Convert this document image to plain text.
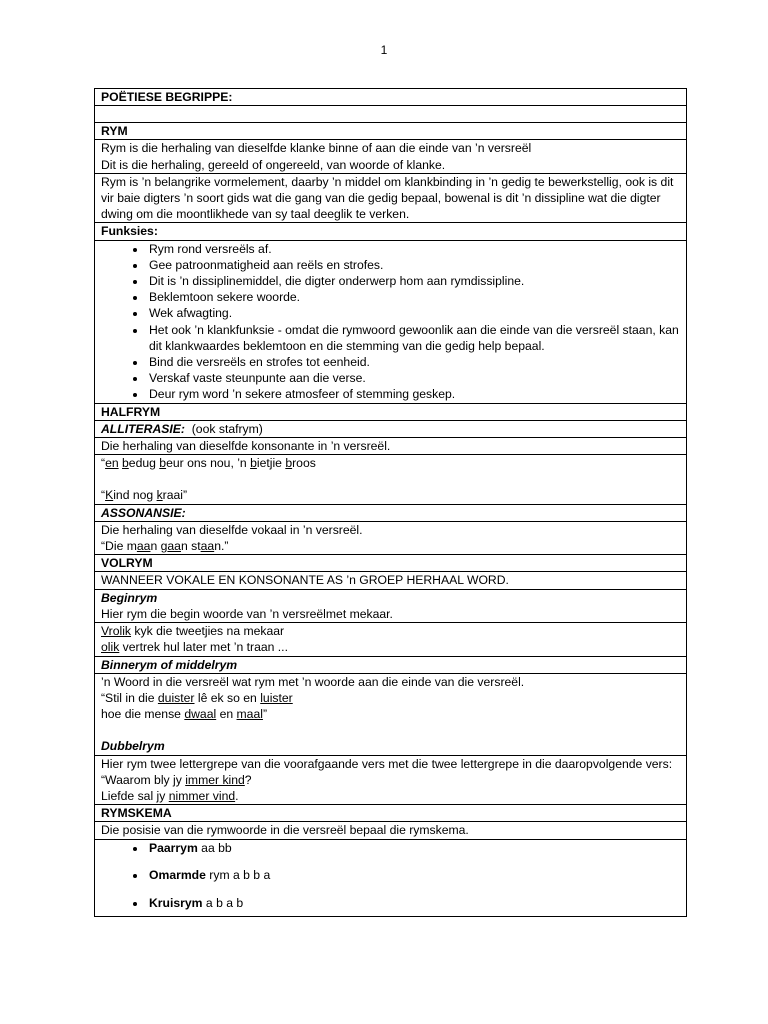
1
POËTIESE BEGRIPPE:

RYM

Rym is die herhaling van dieselfde klanke binne of aan die einde van ’n versreël
Dit is die herhaling, gereeld of ongereeld, van woorde of klanke.

Rym is ’n belangrike vormelement, daarby ’n middel om klankbinding in ’n gedig te bewerkstellig, ook is dit vir baie digters ’n soort gids wat die gang van die gedig bepaal, bowenal is dit ’n dissipline wat die digter dwing om die moontlikhede van sy taal deeglik te verken.
Funksies:

• Rym rond versreëls af.
• Gee patroonmatigheid aan reëls en strofes.
• Dit is ’n dissiplinemiddel, die digter onderwerp hom aan rymdissipline.
• Beklemtoon sekere woorde.
• Wek afwagting.
• Het ook ’n klankfunksie - omdat die rymwoord gewoonlik aan die einde van die versreël staan, kan dit klankwaardes beklemtoon en die stemming van die gedig help bepaal.
• Bind die versreëls en strofes tot eenheid.
• Verskaf vaste steunpunte aan die verse.
• Deur rym word ’n sekere atmosfeer of stemming geskep.

HALFRYM
ALLITERASIE: (ook stafrym)
Die herhaling van dieselfde konsonante in ’n versreël.

“en bedug beur ons nou, ’n bietjie broos
“Kind nog kraai”

ASSONANSIE:

Die herhaling van dieselfde vokaal in ’n versreël.
“Die maan gaan staan.”

VOLRYM
WANNEER VOKALE EN KONSONANTE AS ’n GROEP HERHAAL WORD.

Beginrym
Hier rym die begin woorde van ’n versreëlmet mekaar.

Vrolik kyk die tweetjies na mekaar
olik vertrek hul later met ’n traan ...

Binnerym of middelrym

’n Woord in die versreël wat rym met ’n woorde aan die einde van die versreël.
“Stil in die duister lê ek so en luister
hoe die mense dwaal en maal”
Dubbelrym

Hier rym twee lettergrepe van die voorafgaande vers met die twee lettergrepe in die daaropvolgende vers:
“Waarom bly jy immer kind?
Liefde sal jy nimmer vind.

RYMSKEMA
Die posisie van die rymwoorde in die versreël bepaal die rymskema.

• Paarrym aa bb
• Omarmde rym a b b a
• Kruisrym a b a b
